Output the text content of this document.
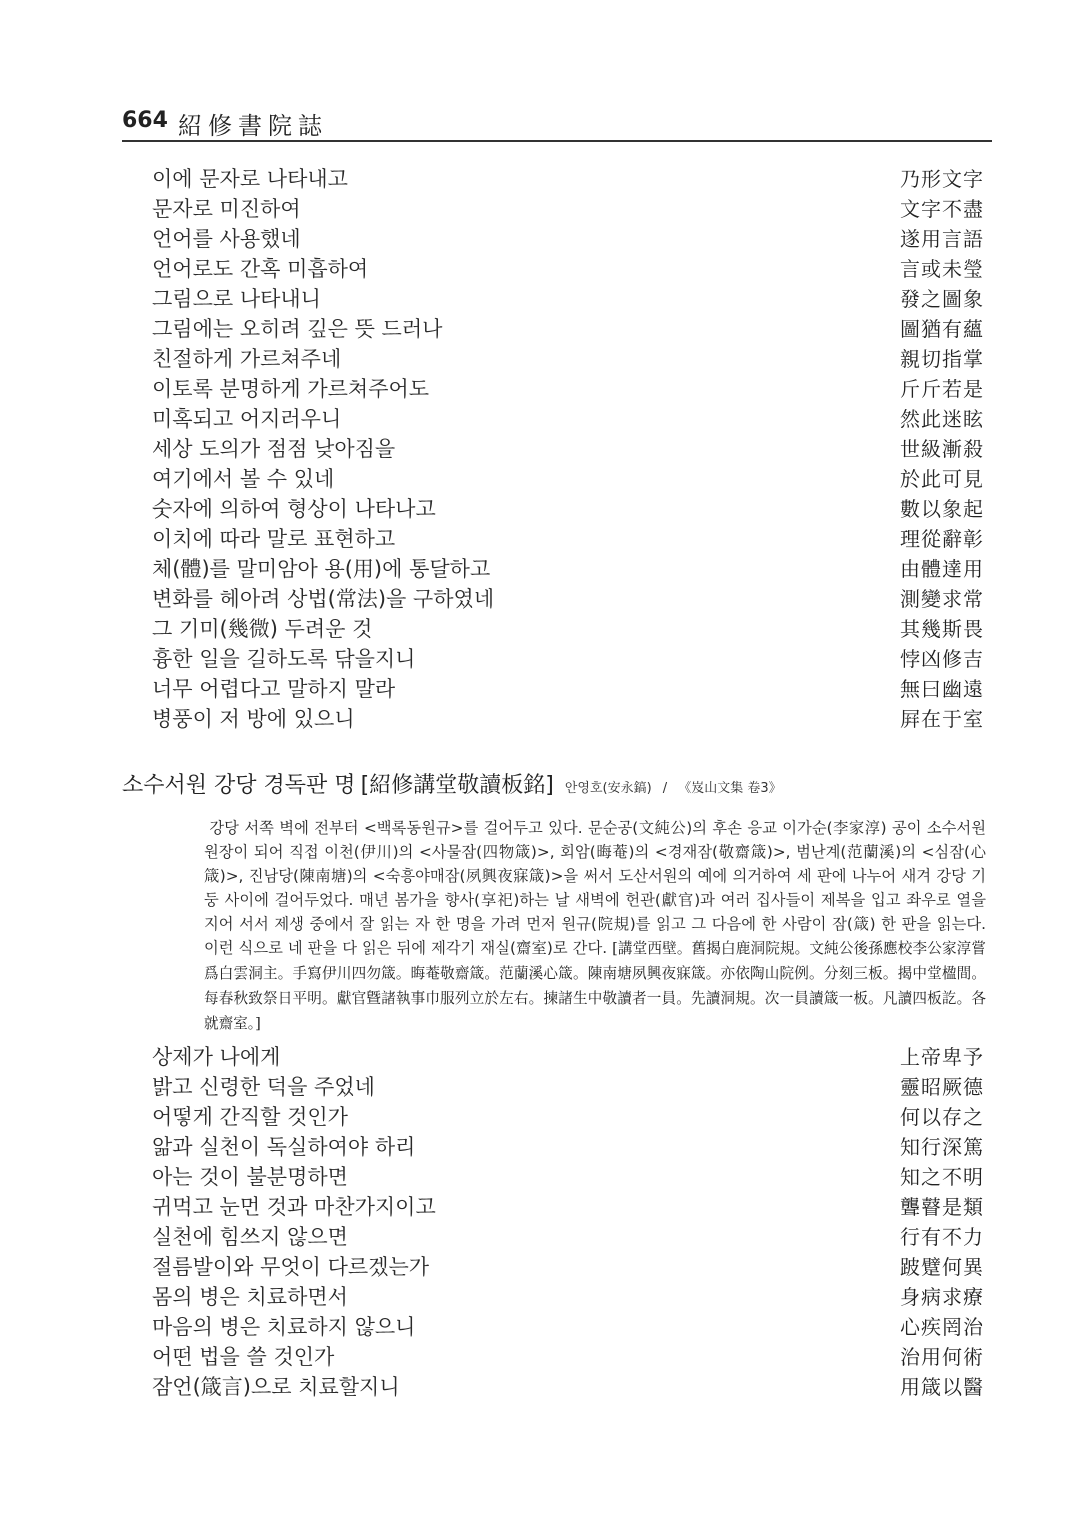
664 紹修書院誌
이에 문자로 나타내고	乃形文字
문자로 미진하여	文字不盡
언어를 사용했네	遂用言語
언어로도 간혹 미흡하여	言或未瑩
그림으로 나타내니	發之圖象
그림에는 오히려 깊은 뜻 드러나	圖猶有蘊
친절하게 가르쳐주네	親切指掌
이토록 분명하게 가르쳐주어도	斤斤若是
미혹되고 어지러우니	然此迷眩
세상 도의가 점점 낮아짐을	世級漸殺
여기에서 볼 수 있네	於此可見
숫자에 의하여 형상이 나타나고	數以象起
이치에 따라 말로 표현하고	理從辭彰
체(體)를 말미암아 용(用)에 통달하고	由體達用
변화를 헤아려 상법(常法)을 구하였네	測變求常
그 기미(幾微) 두려운 것	其幾斯畏
흉한 일을 길하도록 닦을지니	悖凶修吉
너무 어렵다고 말하지 말라	無曰幽遠
병풍이 저 방에 있으니	屛在于室
소수서원 강당 경독판 명 [紹修講堂敬讀板銘] 안영호(安永鎬) / 《岌山文集 卷3》
강당 서쪽 벽에 전부터 <백록동원규>를 걸어두고 있다. 문순공(文純公)의 후손 응교 이가순(李家淳) 공이 소수서원 원장이 되어 직접 이천(伊川)의 <사물잠(四物箴)>, 회암(晦菴)의 <경재잠(敬齋箴)>, 범난계(范蘭溪)의 <심잠(心箴)>, 진남당(陳南塘)의 <숙흥야매잠(夙興夜寐箴)>을 써서 도산서원의 예에 의거하여 세 판에 나누어 새겨 강당 기둥 사이에 걸어두었다. 매년 봄가을 향사(享祀)하는 날 새벽에 헌관(獻官)과 여러 집사들이 제복을 입고 좌우로 열을 지어 서서 제생 중에서 잘 읽는 자 한 명을 가려 먼저 원규(院規)를 읽고 그 다음에 한 사람이 잠(箴) 한 판을 읽는다. 이런 식으로 네 판을 다 읽은 뒤에 제각기 재실(齋室)로 간다. [講堂西壁。舊揭白鹿洞院規。文純公後孫應校李公家淳嘗爲白雲洞主。手寫伊川四勿箴。晦菴敬齋箴。范蘭溪心箴。陳南塘夙興夜寐箴。亦依陶山院例。分刻三板。揭中堂楹間。每春秋致祭日平明。獻官曁諸執事巾服列立於左右。揀諸生中敬讀者一員。先讀洞規。次一員讀箴一板。凡讀四板訖。各就齋室。]
상제가 나에게	上帝卑予
밝고 신령한 덕을 주었네	靈昭厥德
어떻게 간직할 것인가	何以存之
앎과 실천이 독실하여야 하리	知行深篤
아는 것이 불분명하면	知之不明
귀먹고 눈먼 것과 마찬가지이고	聾瞽是類
실천에 힘쓰지 않으면	行有不力
절름발이와 무엇이 다르겠는가	跛躄何異
몸의 병은 치료하면서	身病求療
마음의 병은 치료하지 않으니	心疾罔治
어떤 법을 쓸 것인가	治用何術
잠언(箴言)으로 치료할지니	用箴以醫
